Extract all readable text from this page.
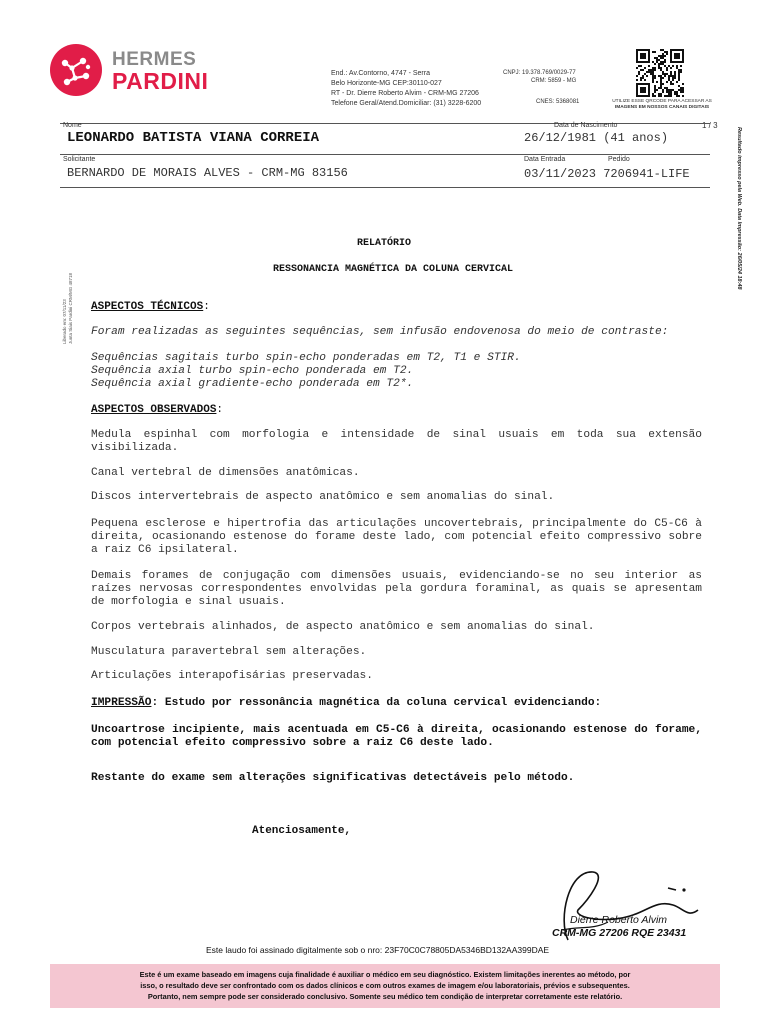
HERMES
PARDINI	End.: Av.Contorno, 4747 - Serra
Belo Horizonte-MG CEP:30110-027
RT - Dr. Dierre Roberto Alvim - CRM-MG 27206
Telefone Geral/Atend.Domiciliar: (31) 3228-6200
CNPJ: 19.378.769/0029-77
CRM: 5859 - MG
CNES: 5368081	UTILIZE ESSE QRCODE PARA ACESSAR AS
IMAGENS EM NOSSOS CANAIS DIGITAIS
1 / 3
Resultado impresso pela Web. Data Impressão: 26/05/24 18:48
Liberado em: 07/11/23 Junta Siais Pardini CRM/MG 48718
Nome	Data de Nascimento
LEONARDO BATISTA VIANA CORREIA	26/12/1981 (41 anos)
Solicitante	Data Entrada	Pedido
BERNARDO DE MORAIS ALVES - CRM-MG 83156	03/11/2023 7206941-LIFE
RELATÓRIO
RESSONANCIA MAGNÉTICA DA COLUNA CERVICAL
ASPECTOS TÉCNICOS:
Foram realizadas as seguintes sequências, sem infusão endovenosa do meio de contraste:
Sequências sagitais turbo spin-echo ponderadas em T2, T1 e STIR.
Sequência axial turbo spin-echo ponderada em T2.
Sequência axial gradiente-echo ponderada em T2*.
ASPECTOS OBSERVADOS:
Medula espinhal com morfologia e intensidade de sinal usuais em toda sua extensão visibilizada.
Canal vertebral de dimensões anatômicas.
Discos intervertebrais de aspecto anatômico e sem anomalias do sinal.
Pequena esclerose e hipertrofia das articulações uncovertebrais, principalmente do C5-C6 à direita, ocasionando estenose do forame deste lado, com potencial efeito compressivo sobre a raiz C6 ipsilateral.
Demais forames de conjugação com dimensões usuais, evidenciando-se no seu interior as raízes nervosas correspondentes envolvidas pela gordura foraminal, as quais se apresentam de morfologia e sinal usuais.
Corpos vertebrais alinhados, de aspecto anatômico e sem anomalias do sinal.
Musculatura paravertebral sem alterações.
Articulações interapofisárias preservadas.
IMPRESSÃO: Estudo por ressonância magnética da coluna cervical evidenciando:
Uncoartrose incipiente, mais acentuada em C5-C6 à direita, ocasionando estenose do forame, com potencial efeito compressivo sobre a raiz C6 deste lado.
Restante do exame sem alterações significativas detectáveis pelo método.
Atenciosamente,
Dierre Roberto Alvim
CRM-MG 27206 RQE 23431
Este laudo foi assinado digitalmente sob o nro: 23F70C0C78805DA5346BD132AA399DAE
Este é um exame baseado em imagens cuja finalidade é auxiliar o médico em seu diagnóstico. Existem limitações inerentes ao método, por
isso, o resultado deve ser confrontado com os dados clínicos e com outros exames de imagem e/ou laboratoriais, prévios e subsequentes.
Portanto, nem sempre pode ser considerado conclusivo. Somente seu médico tem condição de interpretar corretamente este relatório.
